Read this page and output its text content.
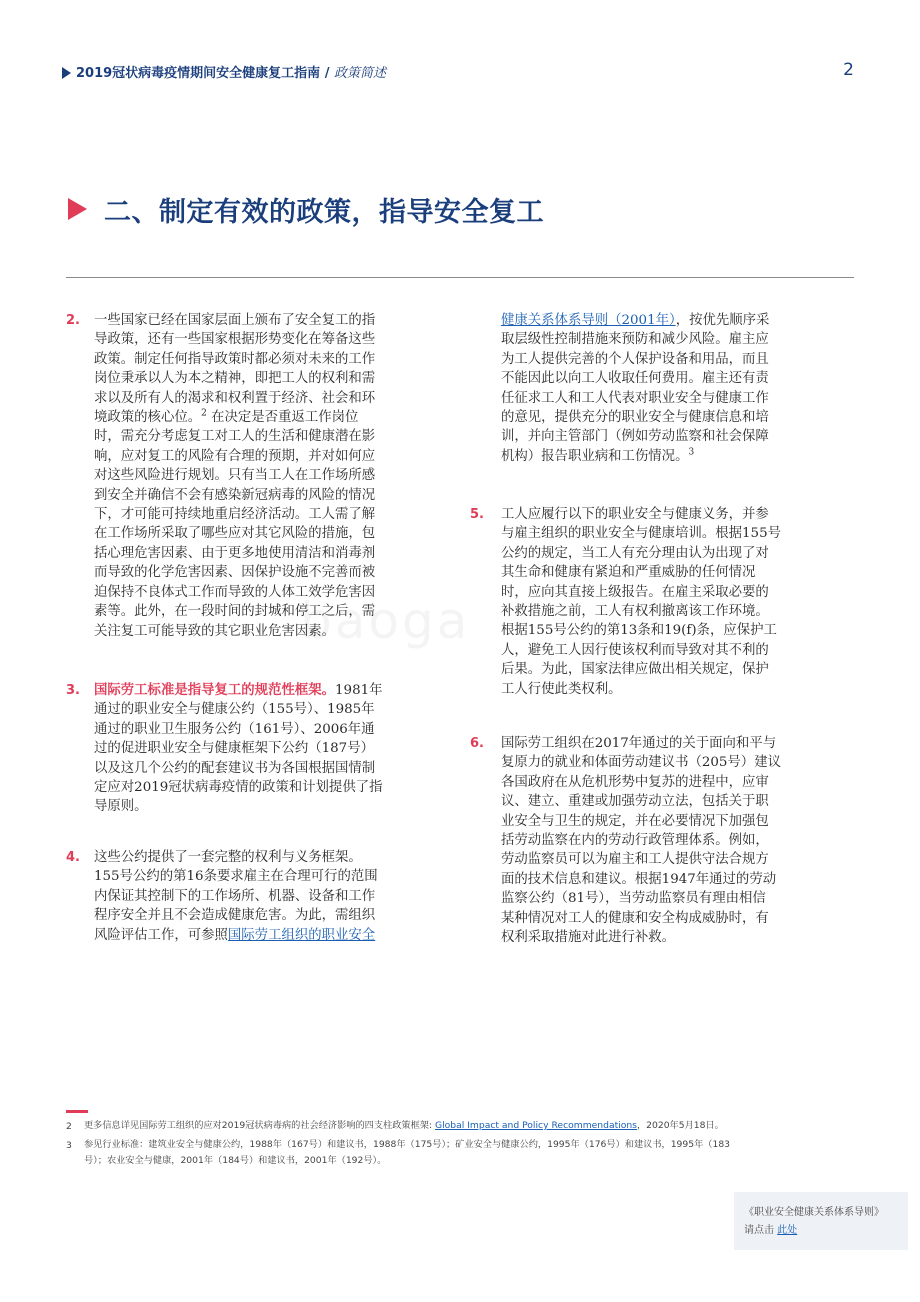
2019冠状病毒疫情期间安全健康复工指南 / 政策简述	2
二、制定有效的政策，指导安全复工
baoga
2. 一些国家已经在国家层面上颁布了安全复工的指
导政策，还有一些国家根据形势变化在筹备这些
政策。制定任何指导政策时都必须对未来的工作
岗位秉承以人为本之精神，即把工人的权利和需
求以及所有人的渴求和权利置于经济、社会和环
境政策的核心位。$^2$ 在决定是否重返工作岗位
时，需充分考虑复工对工人的生活和健康潜在影
响，应对复工的风险有合理的预期，并对如何应
对这些风险进行规划。只有当工人在工作场所感
到安全并确信不会有感染新冠病毒的风险的情况
下，才可能可持续地重启经济活动。工人需了解
在工作场所采取了哪些应对其它风险的措施，包
括心理危害因素、由于更多地使用清洁和消毒剂
而导致的化学危害因素、因保护设施不完善而被
迫保持不良体式工作而导致的人体工效学危害因
素等。此外，在一段时间的封城和停工之后，需
关注复工可能导致的其它职业危害因素。
3. 国际劳工标准是指导复工的规范性框架。1981年
通过的职业安全与健康公约（155号）、1985年
通过的职业卫生服务公约（161号）、2006年通
过的促进职业安全与健康框架下公约（187号）
以及这几个公约的配套建议书为各国根据国情制
定应对2019冠状病毒疫情的政策和计划提供了指
导原则。
4. 这些公约提供了一套完整的权利与义务框架。
155号公约的第16条要求雇主在合理可行的范围
内保证其控制下的工作场所、机器、设备和工作
程序安全并且不会造成健康危害。为此，需组织
风险评估工作，可参照国际劳工组织的职业安全
健康关系体系导则（2001年），按优先顺序采
取层级性控制措施来预防和减少风险。雇主应
为工人提供完善的个人保护设备和用品，而且
不能因此以向工人收取任何费用。雇主还有责
任征求工人和工人代表对职业安全与健康工作
的意见，提供充分的职业安全与健康信息和培
训，并向主管部门（例如劳动监察和社会保障
机构）报告职业病和工伤情况。$^3$
5. 工人应履行以下的职业安全与健康义务，并参
与雇主组织的职业安全与健康培训。根据155号
公约的规定，当工人有充分理由认为出现了对
其生命和健康有紧迫和严重威胁的任何情况
时，应向其直接上级报告。在雇主采取必要的
补救措施之前，工人有权利撤离该工作环境。
根据155号公约的第13条和19(f)条，应保护工
人，避免工人因行使该权利而导致对其不利的
后果。为此，国家法律应做出相关规定，保护
工人行使此类权利。
6. 国际劳工组织在2017年通过的关于面向和平与
复原力的就业和体面劳动建议书（205号）建议
各国政府在从危机形势中复苏的进程中，应审
议、建立、重建或加强劳动立法，包括关于职
业安全与卫生的规定，并在必要情况下加强包
括劳动监察在内的劳动行政管理体系。例如，
劳动监察员可以为雇主和工人提供守法合规方
面的技术信息和建议。根据1947年通过的劳动
监察公约（81号），当劳动监察员有理由相信
某种情况对工人的健康和安全构成威胁时，有
权利采取措施对此进行补救。
2 更多信息详见国际劳工组织的应对2019冠状病毒病的社会经济影响的四支柱政策框架: Global Impact and Policy Recommendations，2020年5月18日。
3 参见行业标准：建筑业安全与健康公约，1988年（167号）和建议书，1988年（175号）；矿业安全与健康公约，1995年（176号）和建议书，1995年（183
号）；农业安全与健康，2001年（184号）和建议书，2001年（192号）。
《职业安全健康关系体系导则》
请点击 此处
